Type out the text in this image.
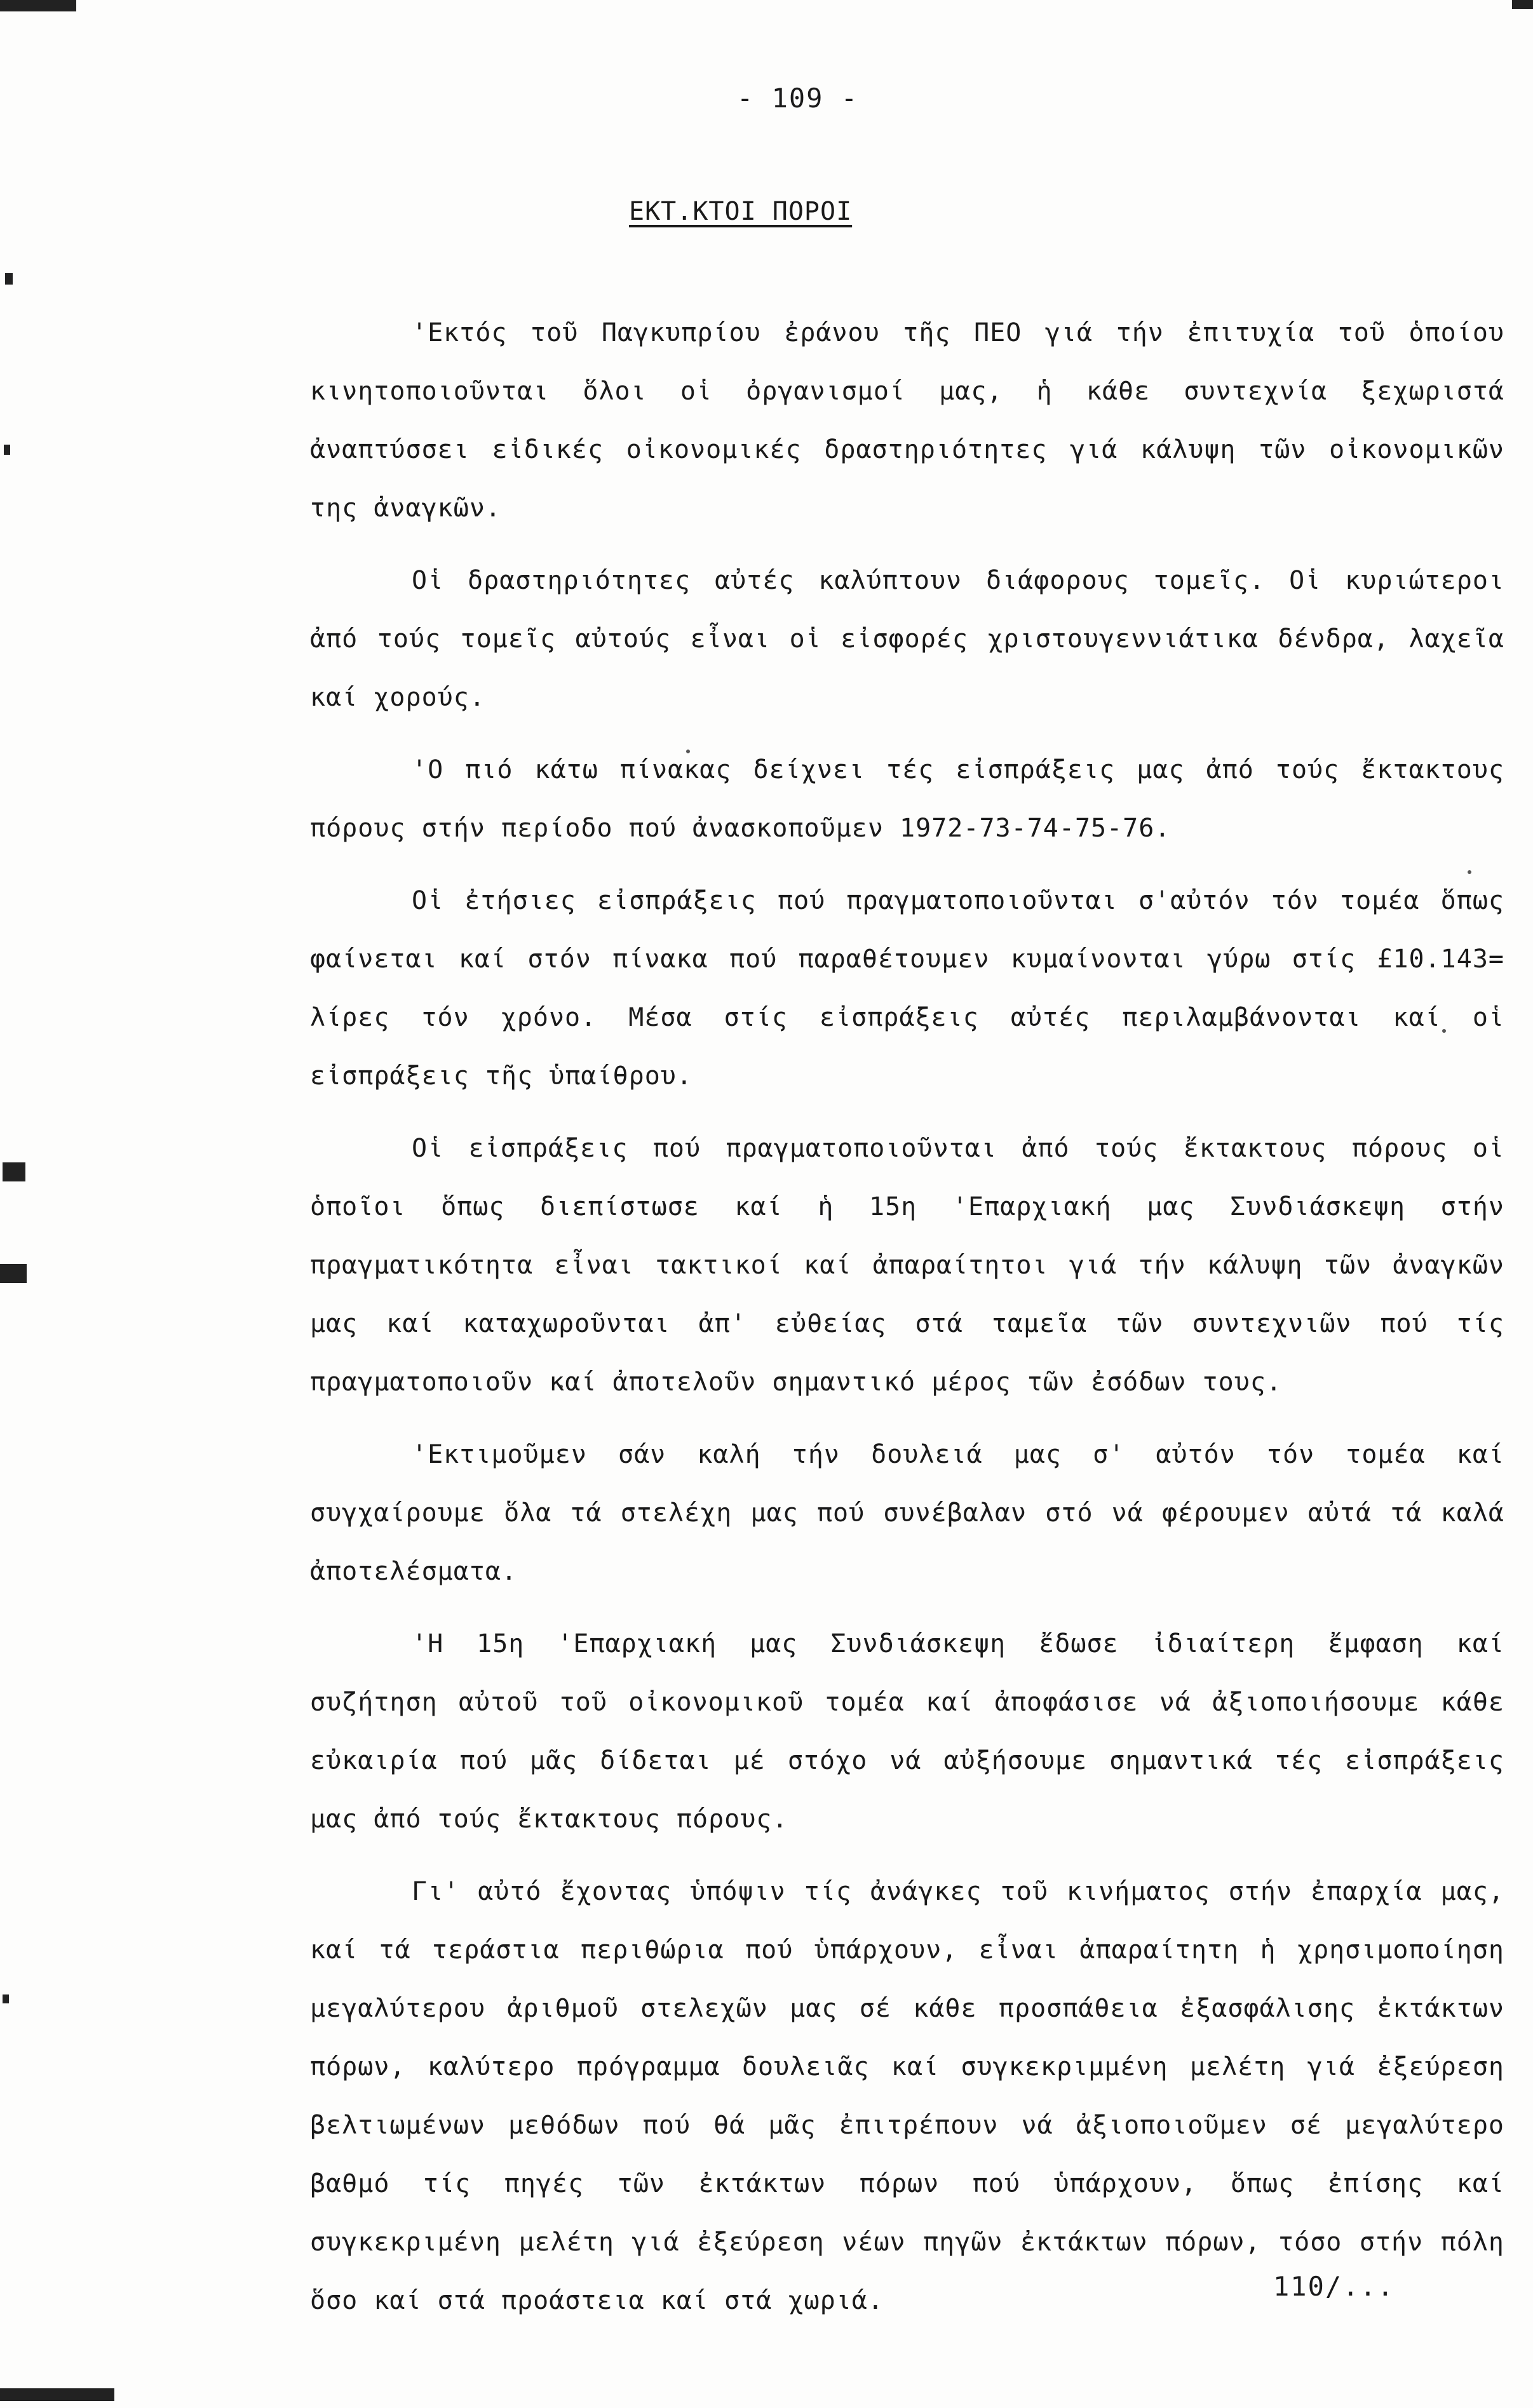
- 109 -
ΕΚΤ.ΚΤΟΙ ΠΟΡΟΙ

'Εκτός τοῦ Παγκυπρίου ἐράνου τῆς ΠΕΟ γιά τήν ἐπιτυχία τοῦ ὁποίου κινητοποιοῦνται ὅλοι οἱ ὀργανισμοί μας, ἡ κάθε συντεχνία ξεχωριστά ἀναπτύσσει εἰδικές οἰκονομικές δραστηριότητες γιά κάλυψη τῶν οἰκονομικῶν της ἀναγκῶν.

Οἱ δραστηριότητες αὐτές καλύπτουν διάφορους τομεῖς. Οἱ κυριώτεροι ἀπό τούς τομεῖς αὐτούς εἶναι οἱ εἰσφορές χριστουγεννιάτικα δένδρα, λαχεῖα καί χορούς.

'Ο πιό κάτω πίνακας δείχνει τές εἰσπράξεις μας ἀπό τούς ἔκτακτους πόρους στήν περίοδο πού ἀνασκοποῦμεν 1972-73-74-75-76.

Οἱ ἐτήσιες εἰσπράξεις πού πραγματοποιοῦνται σ'αὐτόν τόν τομέα ὅπως φαίνεται καί στόν πίνακα πού παραθέτουμεν κυμαίνονται γύρω στίς £10.143= λίρες τόν χρόνο. Μέσα στίς εἰσπράξεις αὐτές περιλαμβάνονται καί οἱ εἰσπράξεις τῆς ὑπαίθρου.

Οἱ εἰσπράξεις πού πραγματοποιοῦνται ἀπό τούς ἔκτακτους πόρους οἱ ὁποῖοι ὅπως διεπίστωσε καί ἡ 15η 'Επαρχιακή μας Συνδιάσκεψη στήν πραγματικότητα εἶναι τακτικοί καί ἀπαραίτητοι γιά τήν κάλυψη τῶν ἀναγκῶν μας καί καταχωροῦνται ἀπ' εὐθείας στά ταμεῖα τῶν συντεχνιῶν πού τίς πραγματοποιοῦν καί ἀποτελοῦν σημαντικό μέρος τῶν ἐσόδων τους.

'Εκτιμοῦμεν σάν καλή τήν δουλειά μας σ' αὐτόν τόν τομέα καί συγχαίρουμε ὅλα τά στελέχη μας πού συνέβαλαν στό νά φέρουμεν αὐτά τά καλά ἀποτελέσματα.

'Η 15η 'Επαρχιακή μας Συνδιάσκεψη ἔδωσε ἰδιαίτερη ἔμφαση καί συζήτηση αὐτοῦ τοῦ οἰκονομικοῦ τομέα καί ἀποφάσισε νά ἀξιοποιήσουμε κάθε εὐκαιρία πού μᾶς δίδεται μέ στόχο νά αὐξήσουμε σημαντικά τές εἰσπράξεις μας ἀπό τούς ἔκτακτους πόρους.

Γι' αὐτό ἔχοντας ὑπόψιν τίς ἀνάγκες τοῦ κινήματος στήν ἐπαρχία μας, καί τά τεράστια περιθώρια πού ὑπάρχουν, εἶναι ἀπαραίτητη ἡ χρησιμοποίηση μεγαλύτερου ἀριθμοῦ στελεχῶν μας σέ κάθε προσπάθεια ἐξασφάλισης ἐκτάκτων πόρων, καλύτερο πρόγραμμα δουλειᾶς καί συγκεκριμμένη μελέτη γιά ἐξεύρεση βελτιωμένων μεθόδων πού θά μᾶς ἐπιτρέπουν νά ἀξιοποιοῦμεν σέ μεγαλύτερο βαθμό τίς πηγές τῶν ἐκτάκτων πόρων πού ὑπάρχουν, ὅπως ἐπίσης καί συγκεκριμένη μελέτη γιά ἐξεύρεση νέων πηγῶν ἐκτάκτων πόρων, τόσο στήν πόλη ὅσο καί στά προάστεια καί στά χωριά.	110/...
